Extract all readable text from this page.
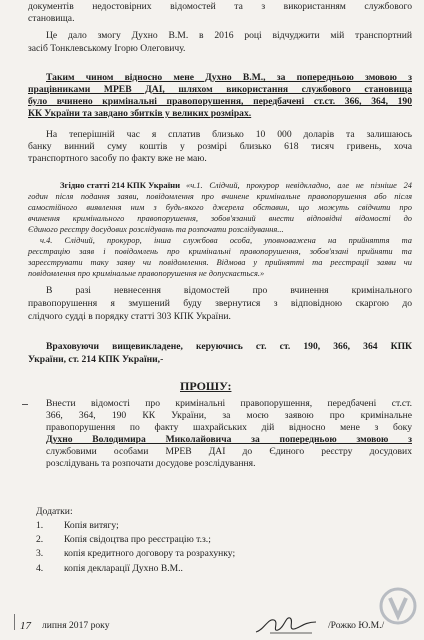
документів недостовірних відомостей та з використанням службового
становища.
Це дало змогу Духно В.М. в 2016 році відчуджити мій транспортний
засіб Тонклевському Ігорю Олеговичу.
Таким чином відносно мене Духно В.М., за попередньою змовою з
працівниками МРЕВ ДАІ, шляхом використання службового становища
було вчинено кримінальні правопорушення, передбачені ст.ст. 366, 364, 190
КК України та завдано збитків у великих розмірах.
На теперішній час я сплатив близько 10 000 доларів та залишаюсь
банку винний суму коштів у розмірі близько 618 тисяч гривень, хоча
транспортного засобу по факту вже не маю.
Згідно статті 214 КПК України «ч.1. Слідчий, прокурор невідкладно, але не пізніше 24
годин після подання заяви, повідомлення про вчинене кримінальне правопорушення або після
самостійного виявлення ним з будь-якого джерела обставин, що можуть свідчити про
вчинення кримінального правопорушення, зобов'язаний внести відповідні відомості до
Єдиного реєстру досудових розслідувань та розпочати розслідування...
ч.4. Слідчий, прокурор, інша службова особа, уповноважена на прийняття та
реєстрацію заяв і повідомлень про кримінальні правопорушення, зобов'язані прийняти та
зареєструвати таку заяву чи повідомлення. Відмова у прийнятті та реєстрації заяви чи
повідомлення про кримінальне правопорушення не допускається.»
В разі невнесення відомостей про вчинення кримінального
правопорушення я змушений буду звернутися з відповідною скаргою до
слідчого судді в порядку статті 303 КПК України.
Враховуючи вищевикладене, керуючись ст. ст. 190, 366, 364 КПК
України, ст. 214 КПК України,-
ПРОШУ:
Внести відомості про кримінальні правопорушення, передбачені ст.ст.
366, 364, 190 КК України, за моєю заявою про кримінальне
правопорушення по факту шахрайських дій відносно мене з боку
Духно Володимира Миколайовича за попередньою змовою з
службовими особами МРЕВ ДАІ до Єдиного реєстру досудових
розслідувань та розпочати досудове розслідування.
Додатки:
1. Копія витягу;
2. Копія свідоцтва про реєстрацію т.з.;
3. копія кредитного договору та розрахунку;
4. копія декларації Духно В.М..
17 липня 2017 року	/Рожко Ю.М./
